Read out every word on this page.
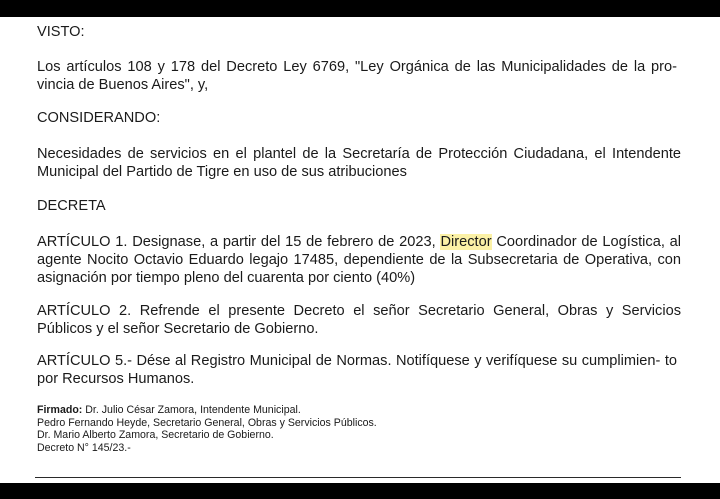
VISTO:

Los artículos 108 y 178 del Decreto Ley 6769, "Ley Orgánica de las Municipalidades de la pro- vincia de Buenos Aires", y,

CONSIDERANDO:

Necesidades de servicios en el plantel de la Secretaría de Protección Ciudadana, el Intendente Municipal del Partido de Tigre en uso de sus atribuciones

DECRETA

ARTÍCULO 1. Designase, a partir del 15 de febrero de 2023, Director Coordinador de Logística, al agente Nocito Octavio Eduardo legajo 17485, dependiente de la Subsecretaria de Operativa, con asignación por tiempo pleno del cuarenta por ciento (40%)

ARTÍCULO 2. Refrende el presente Decreto el señor Secretario General, Obras y Servicios Públicos y el señor Secretario de Gobierno.

ARTÍCULO 5.- Dése al Registro Municipal de Normas. Notifíquese y verifíquese su cumplimien- to por Recursos Humanos.

Firmado: Dr. Julio César Zamora, Intendente Municipal.
Pedro Fernando Heyde, Secretario General, Obras y Servicios Públicos.
Dr. Mario Alberto Zamora, Secretario de Gobierno.
Decreto N° 145/23.-
